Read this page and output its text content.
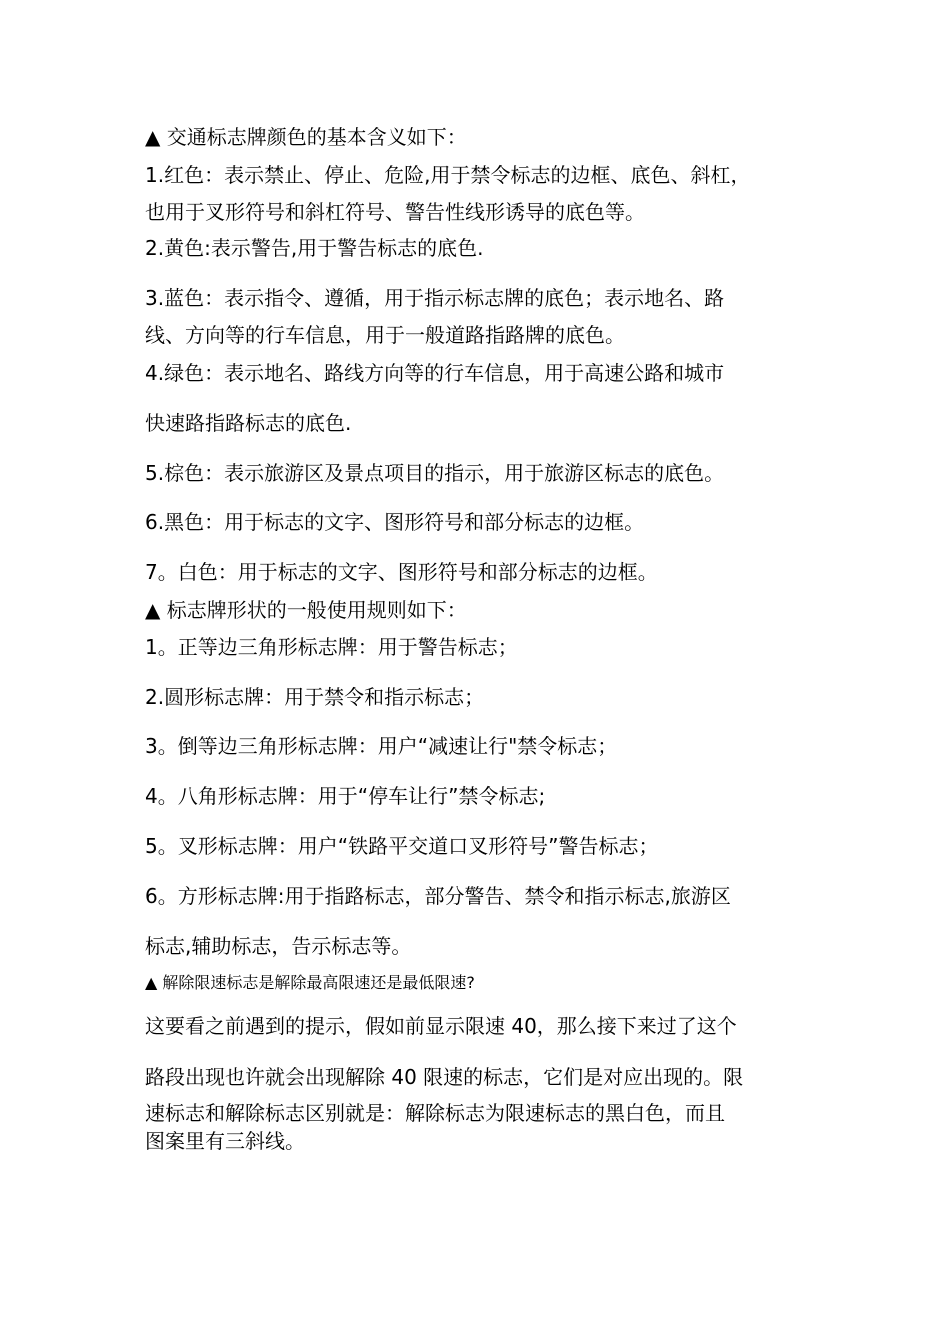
▲ 交通标志牌颜色的基本含义如下：
1.红色：表示禁止、停止、危险,用于禁令标志的边框、底色、斜杠，
也用于叉形符号和斜杠符号、警告性线形诱导的底色等。
2.黄色:表示警告,用于警告标志的底色.
3.蓝色：表示指令、遵循，用于指示标志牌的底色；表示地名、路
线、方向等的行车信息，用于一般道路指路牌的底色。
4.绿色：表示地名、路线方向等的行车信息，用于高速公路和城市
快速路指路标志的底色.
5.棕色：表示旅游区及景点项目的指示，用于旅游区标志的底色。
6.黑色：用于标志的文字、图形符号和部分标志的边框。
7。白色：用于标志的文字、图形符号和部分标志的边框。
▲ 标志牌形状的一般使用规则如下：
1。正等边三角形标志牌：用于警告标志；
2.圆形标志牌：用于禁令和指示标志；
3。倒等边三角形标志牌：用户“减速让行"禁令标志；
4。八角形标志牌：用于“停车让行”禁令标志;
5。叉形标志牌：用户“铁路平交道口叉形符号”警告标志；
6。方形标志牌:用于指路标志，部分警告、禁令和指示标志,旅游区
标志,辅助标志，告示标志等。
▲ 解除限速标志是解除最高限速还是最低限速?
这要看之前遇到的提示，假如前显示限速 40，那么接下来过了这个
路段出现也许就会出现解除 40 限速的标志，它们是对应出现的。限
速标志和解除标志区别就是：解除标志为限速标志的黑白色，而且
图案里有三斜线。
